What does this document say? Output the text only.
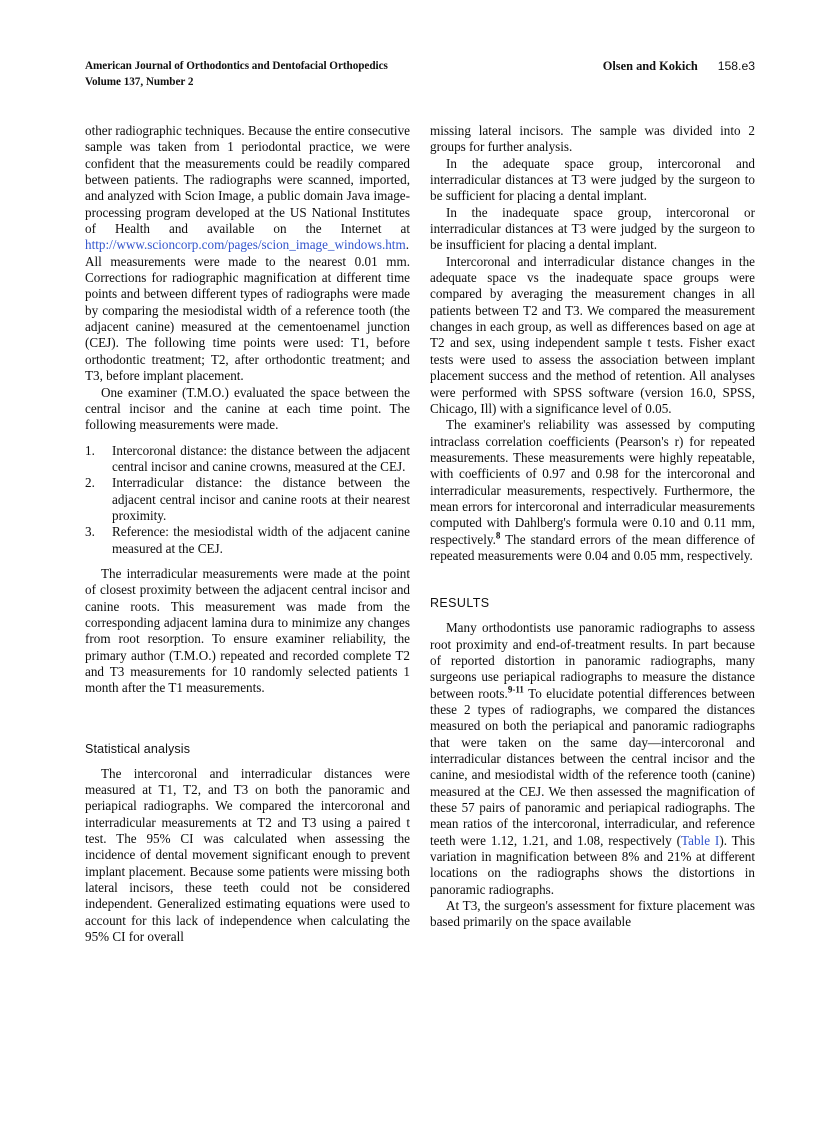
American Journal of Orthodontics and Dentofacial Orthopedics
Volume 137, Number 2
Olsen and Kokich 158.e3

other radiographic techniques. Because the entire consecutive sample was taken from 1 periodontal practice, we were confident that the measurements could be readily compared between patients. The radiographs were scanned, imported, and analyzed with Scion Image, a public domain Java image-processing program developed at the US National Institutes of Health and available on the Internet at http://www.scioncorp.com/pages/scion_image_windows.htm. All measurements were made to the nearest 0.01 mm. Corrections for radiographic magnification at different time points and between different types of radiographs were made by comparing the mesiodistal width of a reference tooth (the adjacent canine) measured at the cementoenamel junction (CEJ). The following time points were used: T1, before orthodontic treatment; T2, after orthodontic treatment; and T3, before implant placement.

One examiner (T.M.O.) evaluated the space between the central incisor and the canine at each time point. The following measurements were made.

1.	Intercoronal distance: the distance between the adjacent central incisor and canine crowns, measured at the CEJ.
2.	Interradicular distance: the distance between the adjacent central incisor and canine roots at their nearest proximity.
3.	Reference: the mesiodistal width of the adjacent canine measured at the CEJ.

The interradicular measurements were made at the point of closest proximity between the adjacent central incisor and canine roots. This measurement was made from the corresponding adjacent lamina dura to minimize any changes from root resorption. To ensure examiner reliability, the primary author (T.M.O.) repeated and recorded complete T2 and T3 measurements for 10 randomly selected patients 1 month after the T1 measurements.

Statistical analysis

The intercoronal and interradicular distances were measured at T1, T2, and T3 on both the panoramic and periapical radiographs. We compared the intercoronal and interradicular measurements at T2 and T3 using a paired t test. The 95% CI was calculated when assessing the incidence of dental movement significant enough to prevent implant placement. Because some patients were missing both lateral incisors, these teeth could not be considered independent. Generalized estimating equations were used to account for this lack of independence when calculating the 95% CI for overall

missing lateral incisors. The sample was divided into 2 groups for further analysis.

In the adequate space group, intercoronal and interradicular distances at T3 were judged by the surgeon to be sufficient for placing a dental implant.

In the inadequate space group, intercoronal or interradicular distances at T3 were judged by the surgeon to be insufficient for placing a dental implant.

Intercoronal and interradicular distance changes in the adequate space vs the inadequate space groups were compared by averaging the measurement changes in all patients between T2 and T3. We compared the measurement changes in each group, as well as differences based on age at T2 and sex, using independent sample t tests. Fisher exact tests were used to assess the association between implant placement success and the method of retention. All analyses were performed with SPSS software (version 16.0, SPSS, Chicago, Ill) with a significance level of 0.05.

The examiner's reliability was assessed by computing intraclass correlation coefficients (Pearson's r) for repeated measurements. These measurements were highly repeatable, with coefficients of 0.97 and 0.98 for the intercoronal and interradicular measurements, respectively. Furthermore, the mean errors for intercoronal and interradicular measurements computed with Dahlberg's formula were 0.10 and 0.11 mm, respectively.$^8$ The standard errors of the mean difference of repeated measurements were 0.04 and 0.05 mm, respectively.

RESULTS

Many orthodontists use panoramic radiographs to assess root proximity and end-of-treatment results. In part because of reported distortion in panoramic radiographs, many surgeons use periapical radiographs to measure the distance between roots.$^{9-11}$ To elucidate potential differences between these 2 types of radiographs, we compared the distances measured on both the periapical and panoramic radiographs that were taken on the same day—intercoronal and interradicular distances between the central incisor and the canine, and mesiodistal width of the reference tooth (canine) measured at the CEJ. We then assessed the magnification of these 57 pairs of panoramic and periapical radiographs. The mean ratios of the intercoronal, interradicular, and reference teeth were 1.12, 1.21, and 1.08, respectively (Table I). This variation in magnification between 8% and 21% at different locations on the radiographs shows the distortions in panoramic radiographs.

At T3, the surgeon's assessment for fixture placement was based primarily on the space available
